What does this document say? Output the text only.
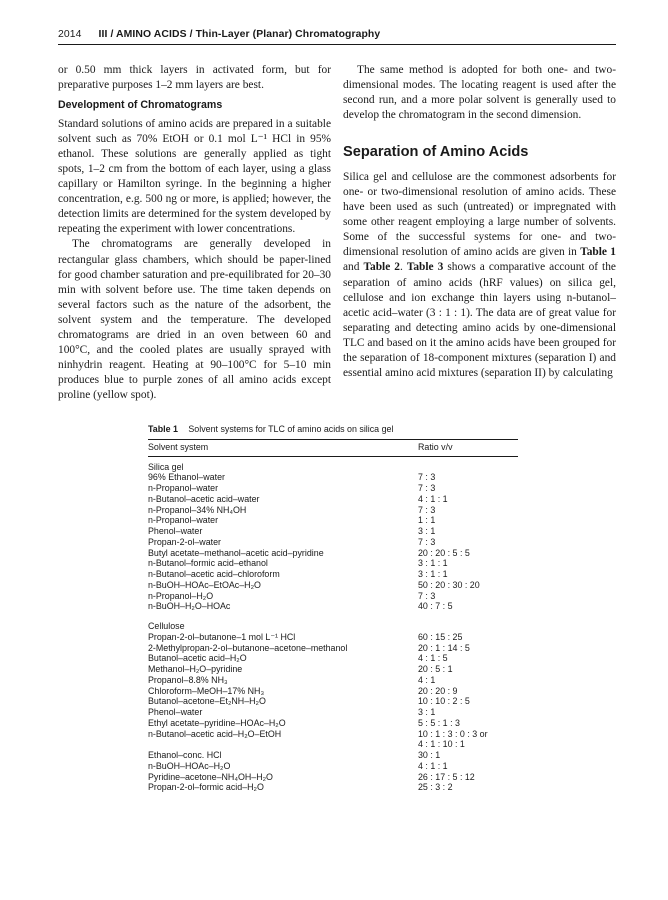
2014 III / AMINO ACIDS / Thin-Layer (Planar) Chromatography

or 0.50 mm thick layers in activated form, but for preparative purposes 1–2 mm layers are best.

Development of Chromatograms

Standard solutions of amino acids are prepared in a suitable solvent such as 70% EtOH or 0.1 mol L⁻¹ HCl in 95% ethanol. These solutions are generally applied as tight spots, 1–2 cm from the bottom of each layer, using a glass capillary or Hamilton syringe. In the beginning a higher concentration, e.g. 500 ng or more, is applied; however, the detection limits are determined for the system developed by repeating the experiment with lower concentrations.

The chromatograms are generally developed in rectangular glass chambers, which should be paper-lined for good chamber saturation and pre-equilibrated for 20–30 min with solvent before use. The time taken depends on several factors such as the nature of the adsorbent, the solvent system and the temperature. The developed chromatograms are dried in an oven between 60 and 100°C, and the cooled plates are usually sprayed with ninhydrin reagent. Heating at 90–100°C for 5–10 min produces blue to purple zones of all amino acids except proline (yellow spot).

The same method is adopted for both one- and two-dimensional modes. The locating reagent is used after the second run, and a more polar solvent is generally used to develop the chromatogram in the second dimension.

Separation of Amino Acids

Silica gel and cellulose are the commonest adsorbents for one- or two-dimensional resolution of amino acids. These have been used as such (untreated) or impregnated with some other reagent employing a large number of solvents. Some of the successful systems for one- and two-dimensional resolution of amino acids are given in Table 1 and Table 2. Table 3 shows a comparative account of the separation of amino acids (hRF values) on silica gel, cellulose and ion exchange thin layers using n-butanol–acetic acid–water (3 : 1 : 1). The data are of great value for separating and detecting amino acids by one-dimensional TLC and based on it the amino acids have been grouped for the separation of 18-component mixtures (separation I) and essential amino acid mixtures (separation II) by calculating

Table 1 Solvent systems for TLC of amino acids on silica gel
Solvent system	Ratio v/v
Silica gel
96% Ethanol–water	7 : 3
n-Propanol–water	7 : 3
n-Butanol–acetic acid–water	4 : 1 : 1
n-Propanol–34% NH₄OH	7 : 3
n-Propanol–water	1 : 1
Phenol–water	3 : 1
Propan-2-ol–water	7 : 3
Butyl acetate–methanol–acetic acid–pyridine	20 : 20 : 5 : 5
n-Butanol–formic acid–ethanol	3 : 1 : 1
n-Butanol–acetic acid–chloroform	3 : 1 : 1
n-BuOH–HOAc–EtOAc–H₂O	50 : 20 : 30 : 20
n-Propanol–H₂O	7 : 3
n-BuOH–H₂O–HOAc	40 : 7 : 5
Cellulose
Propan-2-ol–butanone–1 mol L⁻¹ HCl	60 : 15 : 25
2-Methylpropan-2-ol–butanone–acetone–methanol	20 : 1 : 14 : 5
Butanol–acetic acid–H₂O	4 : 1 : 5
Methanol–H₂O–pyridine	20 : 5 : 1
Propanol–8.8% NH₃	4 : 1
Chloroform–MeOH–17% NH₃	20 : 20 : 9
Butanol–acetone–Et₂NH–H₂O	10 : 10 : 2 : 5
Phenol–water	3 : 1
Ethyl acetate–pyridine–HOAc–H₂O	5 : 5 : 1 : 3
n-Butanol–acetic acid–H₂O–EtOH	10 : 1 : 3 : 0 : 3 or
4 : 1 : 10 : 1
Ethanol–conc. HCl	30 : 1
n-BuOH–HOAc–H₂O	4 : 1 : 1
Pyridine–acetone–NH₄OH–H₂O	26 : 17 : 5 : 12
Propan-2-ol–formic acid–H₂O	25 : 3 : 2
